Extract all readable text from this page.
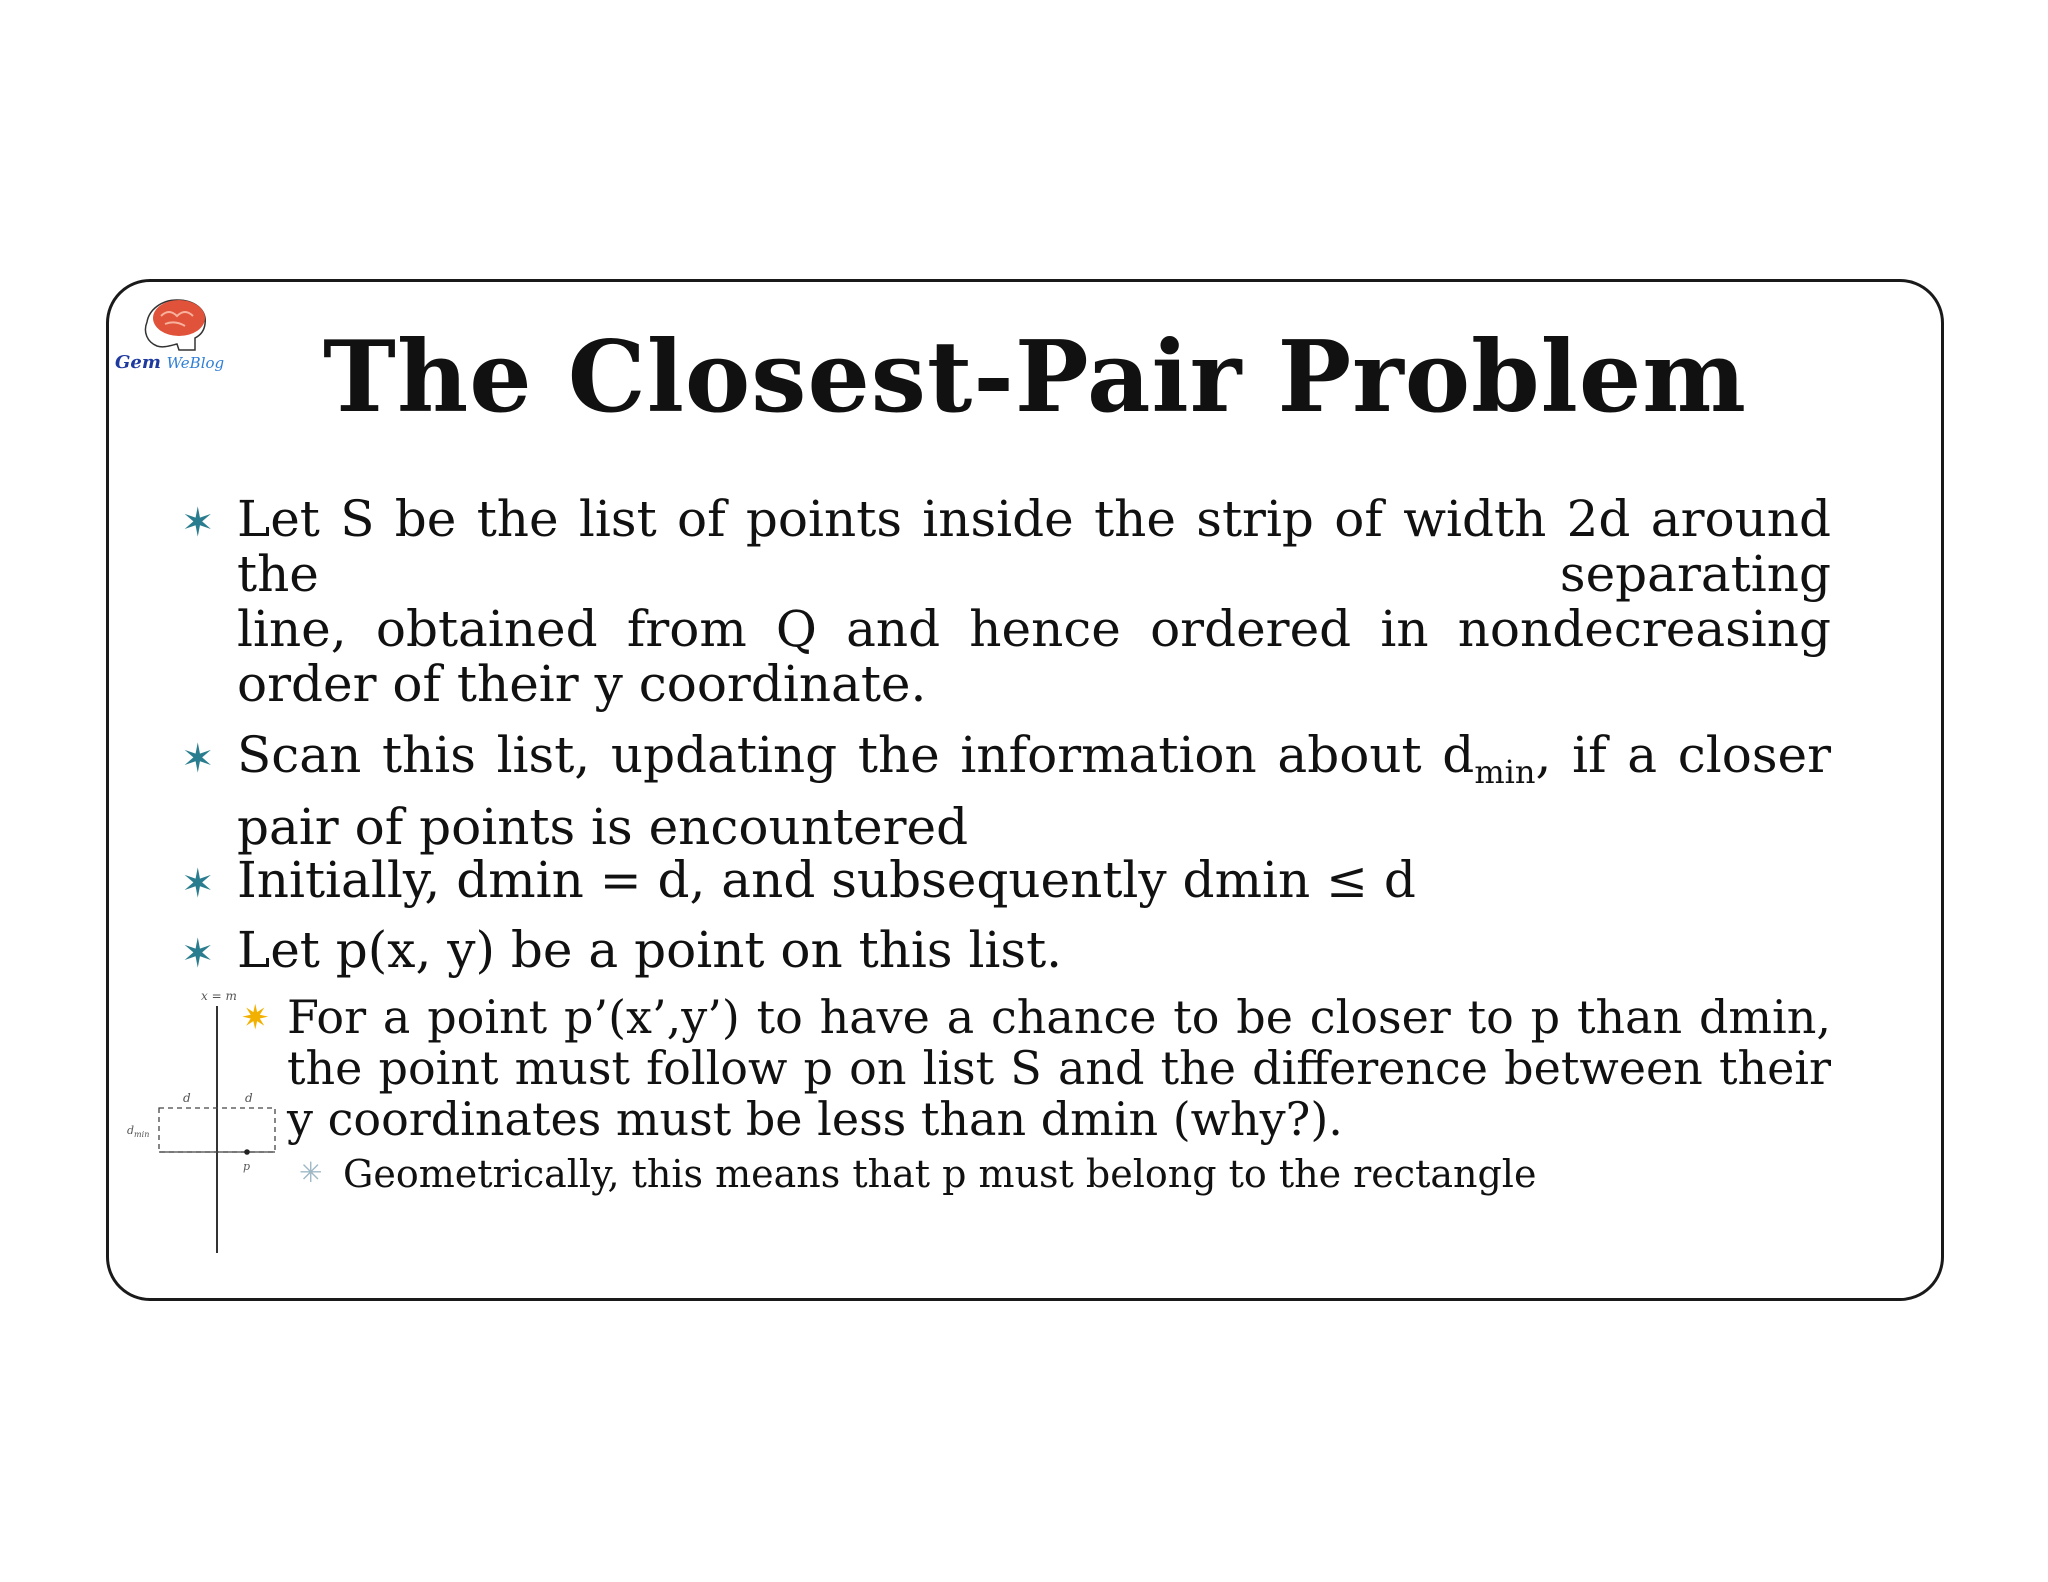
Gem WeBlog	The Closest-Pair Problem
✶ Let S be the list of points inside the strip of width 2d around
the	separating
line, obtained from Q and hence ordered in nondecreasing
order of their y coordinate.
✶ Scan this list, updating the information about $d_{min}$, if a closer
pair of points is encountered
✶ Initially, dmin = d, and subsequently dmin ≤ d
✶ Let p(x, y) be a point on this list.
✷ For a point p’(x’,y’) to have a chance to be closer to p than dmin,
the point must follow p on list S and the difference between their
y coordinates must be less than dmin (why?).
✳ Geometrically, this means that p must belong to the rectangle
x = m
d	d
$d_{min}$
p
